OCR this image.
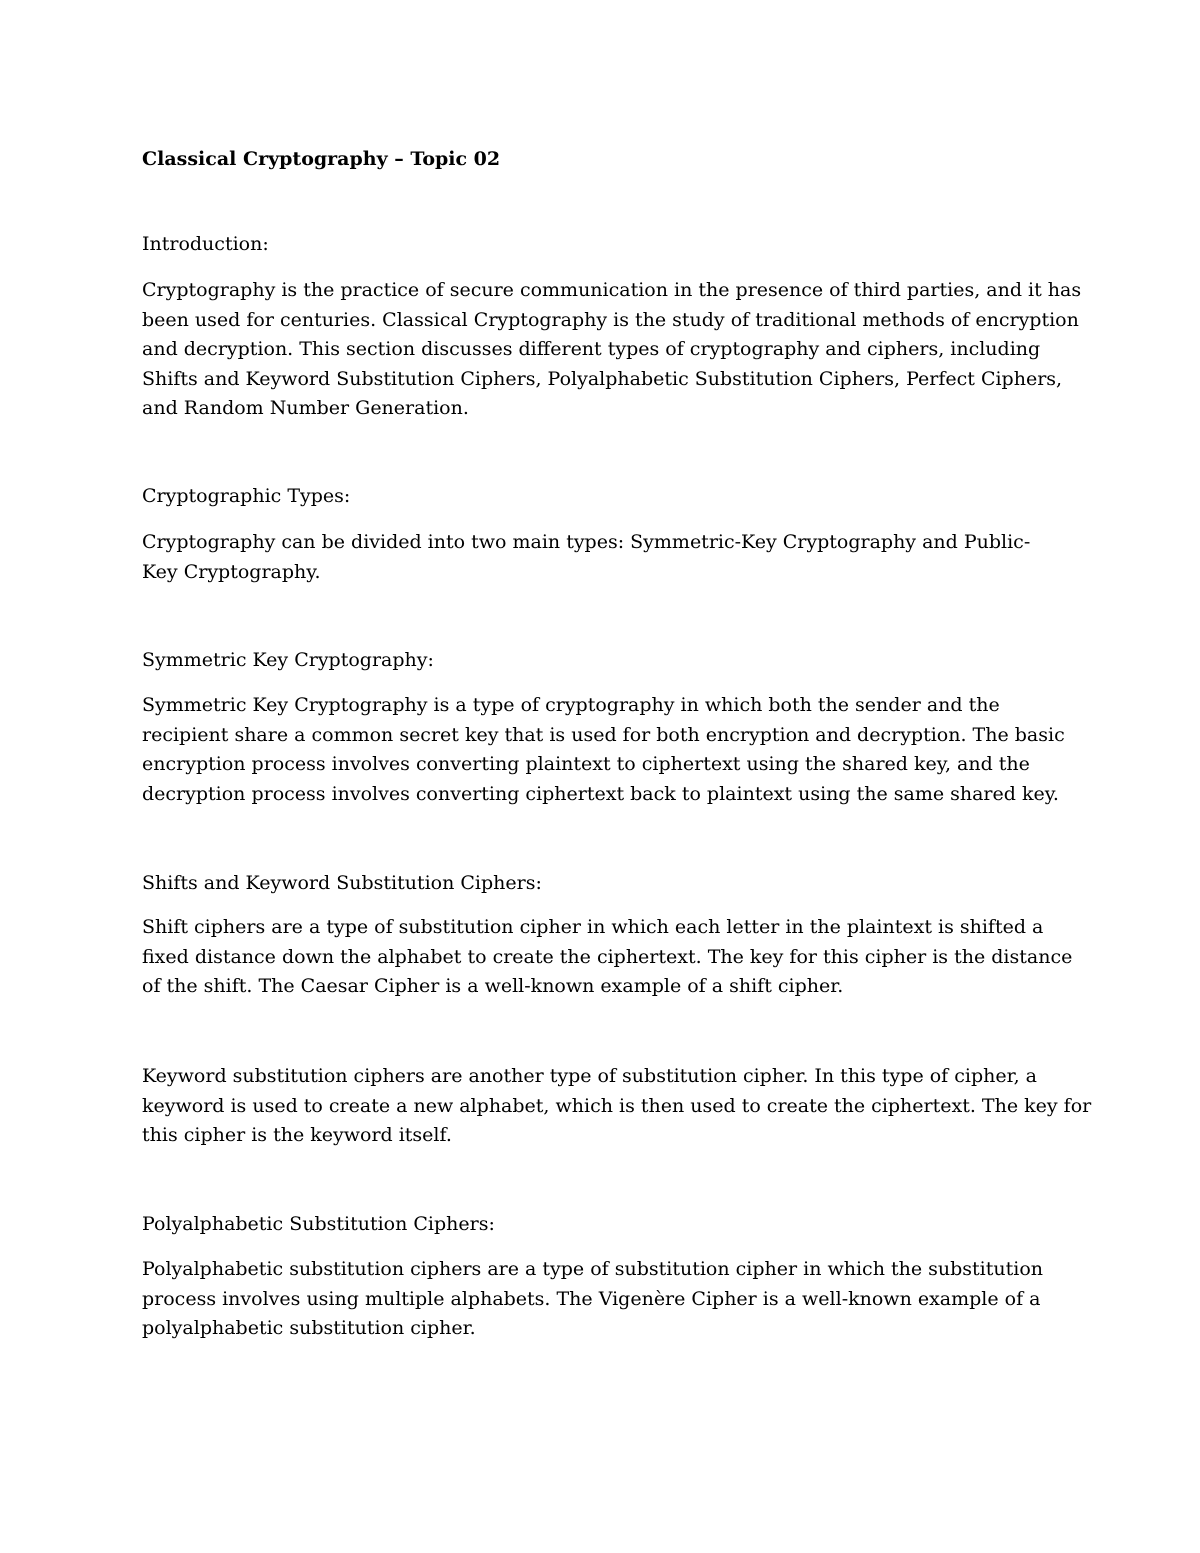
Classical Cryptography – Topic 02
Introduction:
Cryptography is the practice of secure communication in the presence of third parties, and it has
been used for centuries. Classical Cryptography is the study of traditional methods of encryption
and decryption. This section discusses different types of cryptography and ciphers, including
Shifts and Keyword Substitution Ciphers, Polyalphabetic Substitution Ciphers, Perfect Ciphers,
and Random Number Generation.
Cryptographic Types:
Cryptography can be divided into two main types: Symmetric-Key Cryptography and Public-
Key Cryptography.
Symmetric Key Cryptography:
Symmetric Key Cryptography is a type of cryptography in which both the sender and the
recipient share a common secret key that is used for both encryption and decryption. The basic
encryption process involves converting plaintext to ciphertext using the shared key, and the
decryption process involves converting ciphertext back to plaintext using the same shared key.
Shifts and Keyword Substitution Ciphers:
Shift ciphers are a type of substitution cipher in which each letter in the plaintext is shifted a
fixed distance down the alphabet to create the ciphertext. The key for this cipher is the distance
of the shift. The Caesar Cipher is a well-known example of a shift cipher.
Keyword substitution ciphers are another type of substitution cipher. In this type of cipher, a
keyword is used to create a new alphabet, which is then used to create the ciphertext. The key for
this cipher is the keyword itself.
Polyalphabetic Substitution Ciphers:
Polyalphabetic substitution ciphers are a type of substitution cipher in which the substitution
process involves using multiple alphabets. The Vigenère Cipher is a well-known example of a
polyalphabetic substitution cipher.
